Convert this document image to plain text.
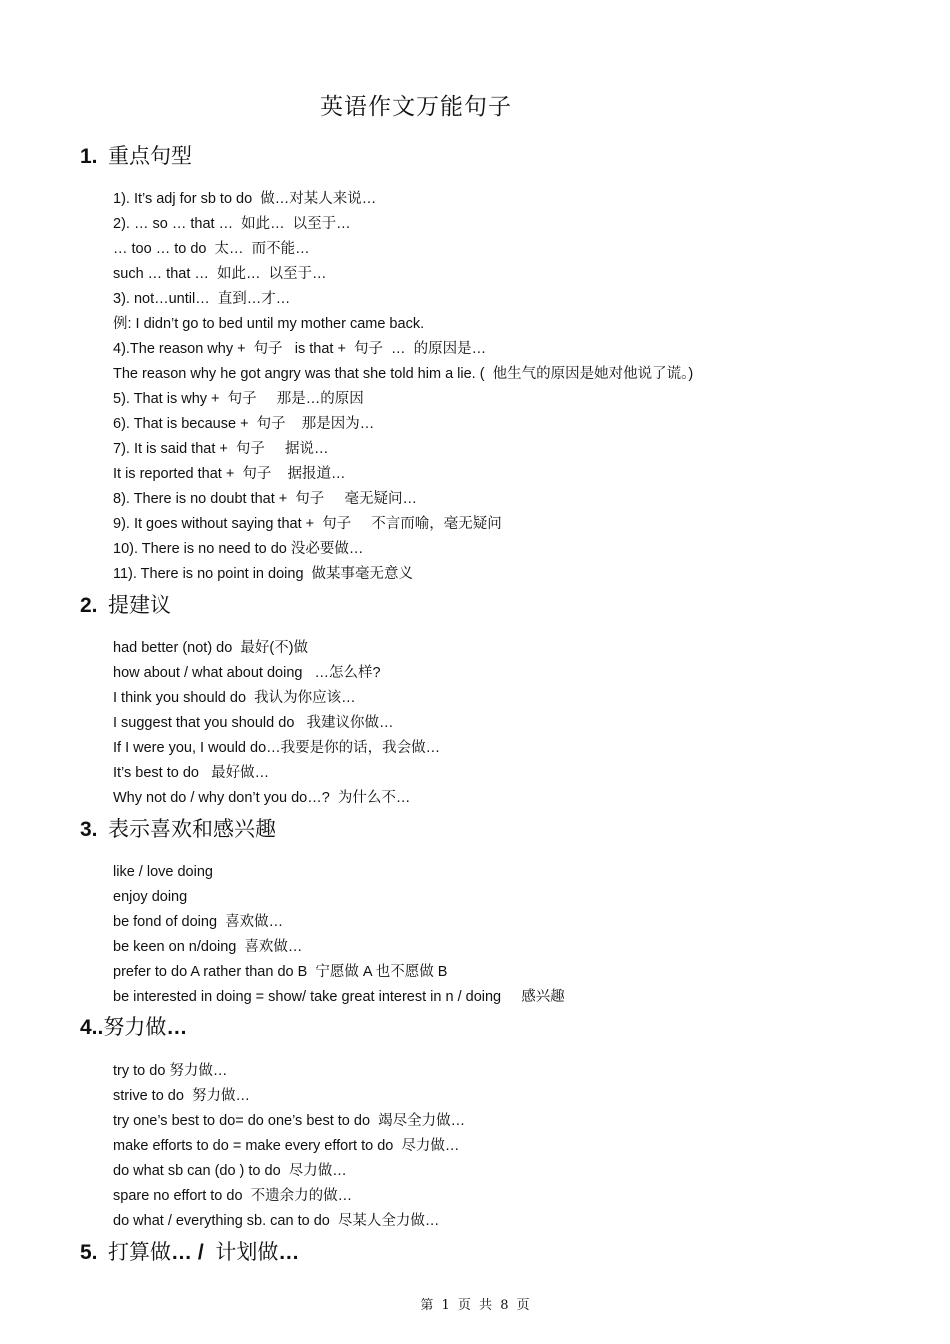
英语作文万能句子
1. 重点句型
1). It’s adj for sb to do  做…对某人来说…
2). … so … that …  如此…  以至于…
… too … to do  太…  而不能…
such … that …  如此…  以至于…
3). not…until…  直到…才…
例: I didn’t go to bed until my mother came back.
4).The reason why +  句子   is that +  句子  …  的原因是…
The reason why he got angry was that she told him a lie. (  他生气的原因是她对他说了谎。)
5). That is why +  句子     那是…的原因
6). That is because +  句子    那是因为…
7). It is said that +  句子     据说…
It is reported that +  句子    据报道…
8). There is no doubt that +  句子     毫无疑问…
9). It goes without saying that +  句子     不言而喻，毫无疑问
10). There is no need to do 没必要做…
11). There is no point in doing  做某事毫无意义
2. 提建议
had better (not) do  最好(不)做
how about / what about doing   …怎么样?
I think you should do  我认为你应该…
I suggest that you should do   我建议你做…
If I were you, I would do…我要是你的话，我会做…
It’s best to do   最好做…
Why not do / why don’t you do…?  为什么不…
3. 表示喜欢和感兴趣
like / love doing
enjoy doing
be fond of doing  喜欢做…
be keen on n/doing  喜欢做…
prefer to do A rather than do B  宁愿做 A 也不愿做 B
be interested in doing = show/ take great interest in n / doing     感兴趣
4..努力做…
try to do 努力做…
strive to do  努力做…
try one’s best to do= do one’s best to do  竭尽全力做…
make efforts to do = make every effort to do  尽力做…
do what sb can (do ) to do  尽力做…
spare no effort to do  不遗余力的做…
do what / everything sb. can to do  尽某人全力做…
5. 打算做… /  计划做…
第 1 页 共 8 页
